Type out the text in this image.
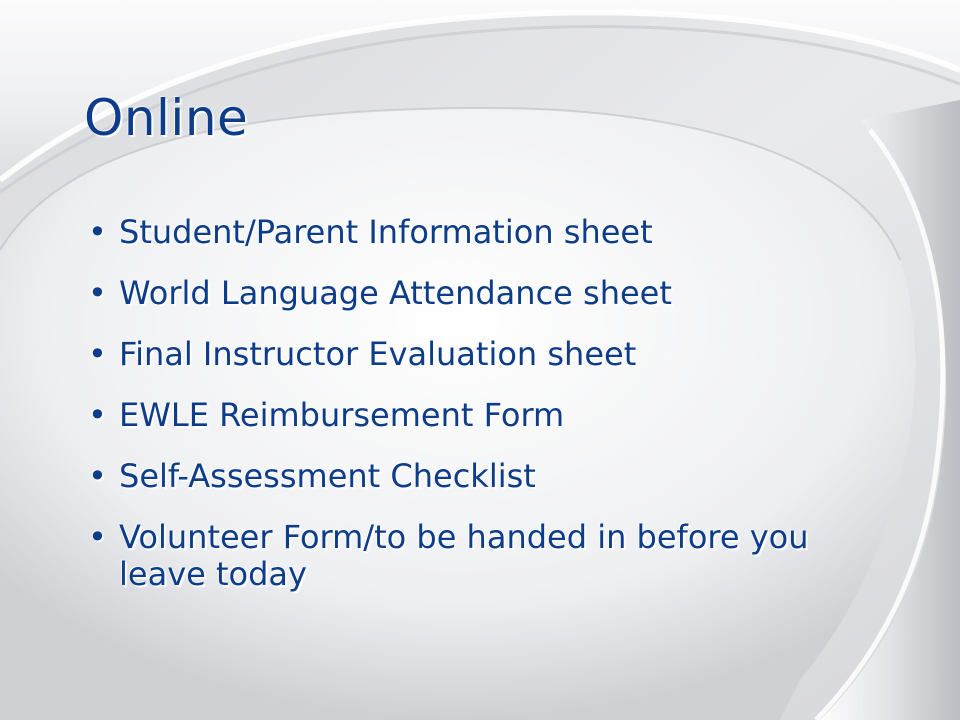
Online
• Student/Parent Information sheet
• World Language Attendance sheet
• Final Instructor Evaluation sheet
• EWLE Reimbursement Form
• Self-Assessment Checklist
• Volunteer Form/to be handed in before you leave today
